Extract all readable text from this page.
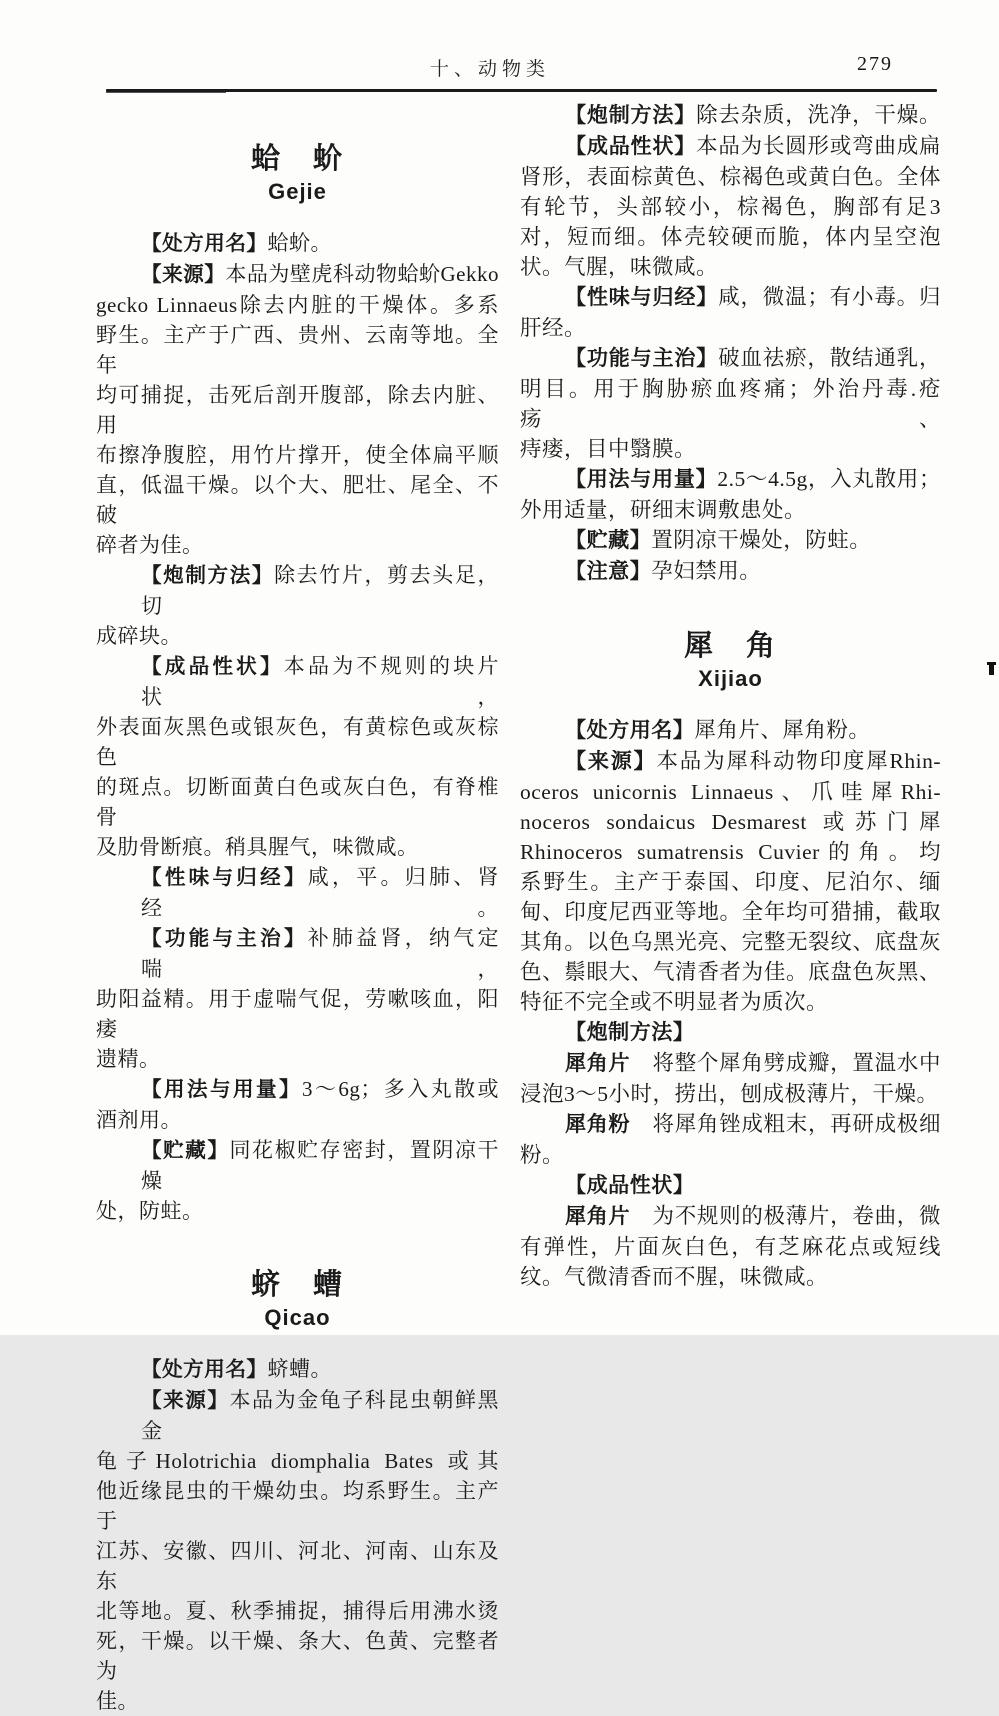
十、动物类	279
蛤　蚧
Gejie
【处方用名】蛤蚧。
【来源】本品为壁虎科动物蛤蚧Gekko
gecko Linnaeus除去内脏的干燥体。多系
野生。主产于广西、贵州、云南等地。全年
均可捕捉，击死后剖开腹部，除去内脏、用
布擦净腹腔，用竹片撑开，使全体扁平顺
直，低温干燥。以个大、肥壮、尾全、不破
碎者为佳。
【炮制方法】除去竹片，剪去头足，切
成碎块。
【成品性状】本品为不规则的块片状，
外表面灰黑色或银灰色，有黄棕色或灰棕色
的斑点。切断面黄白色或灰白色，有脊椎骨
及肋骨断痕。稍具腥气，味微咸。
【性味与归经】咸，平。归肺、肾经。
【功能与主治】补肺益肾，纳气定喘，
助阳益精。用于虚喘气促，劳嗽咳血，阳痿
遗精。
【用法与用量】3～6g；多入丸散或
酒剂用。
【贮藏】同花椒贮存密封，置阴凉干燥
处，防蛀。
蛴　螬
Qicao
【处方用名】蛴螬。
【来源】本品为金龟子科昆虫朝鲜黑金
龟子Holotrichia diomphalia Bates 或其
他近缘昆虫的干燥幼虫。均系野生。主产于
江苏、安徽、四川、河北、河南、山东及东
北等地。夏、秋季捕捉，捕得后用沸水烫
死，干燥。以干燥、条大、色黄、完整者为
佳。
【炮制方法】除去杂质，洗净，干燥。
【成品性状】本品为长圆形或弯曲成扁
肾形，表面棕黄色、棕褐色或黄白色。全体
有轮节，头部较小，棕褐色，胸部有足3
对，短而细。体壳较硬而脆，体内呈空泡
状。气腥，味微咸。
【性味与归经】咸，微温；有小毒。归
肝经。
【功能与主治】破血祛瘀，散结通乳，
明目。用于胸胁瘀血疼痛；外治丹毒.疮疡、
痔瘘，目中翳膜。
【用法与用量】2.5～4.5g，入丸散用；
外用适量，研细末调敷患处。
【贮藏】置阴凉干燥处，防蛀。
【注意】孕妇禁用。
犀　角
Xijiao
【处方用名】犀角片、犀角粉。
【来源】本品为犀科动物印度犀Rhin-
oceros unicornis Linnaeus、爪哇犀Rhi-
noceros sondaicus Desmarest 或苏门犀
Rhinoceros sumatrensis Cuvier的角。均
系野生。主产于泰国、印度、尼泊尔、缅
甸、印度尼西亚等地。全年均可猎捕，截取
其角。以色乌黑光亮、完整无裂纹、底盘灰
色、鬃眼大、气清香者为佳。底盘色灰黑、
特征不完全或不明显者为质次。
【炮制方法】
犀角片　将整个犀角劈成瓣，置温水中
浸泡3～5小时，捞出，刨成极薄片，干燥。
犀角粉　将犀角锉成粗末，再研成极细
粉。
【成品性状】
犀角片　为不规则的极薄片，卷曲，微
有弹性，片面灰白色，有芝麻花点或短线
纹。气微清香而不腥，味微咸。
